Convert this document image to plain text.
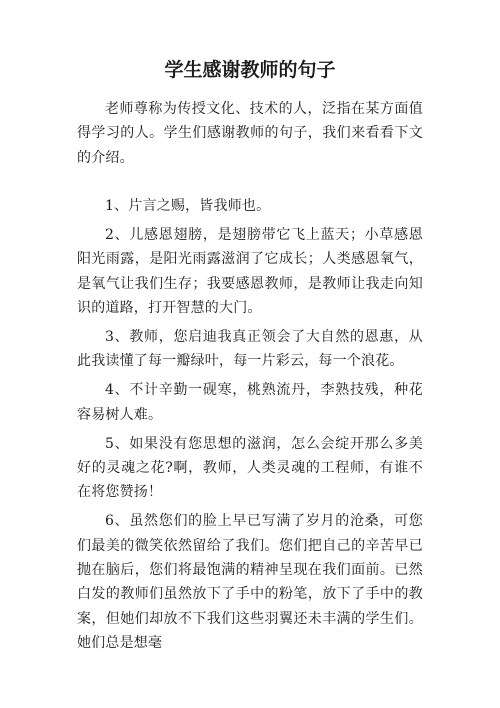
学生感谢教师的句子

老师尊称为传授文化、技术的人，泛指在某方面值得学习的人。学生们感谢教师的句子，我们来看看下文的介绍。

1、片言之赐，皆我师也。

2、儿感恩翅膀，是翅膀带它飞上蓝天；小草感恩阳光雨露，是阳光雨露滋润了它成长；人类感恩氧气，是氧气让我们生存；我要感恩教师，是教师让我走向知识的道路，打开智慧的大门。

3、教师，您启迪我真正领会了大自然的恩惠，从此我读懂了每一瓣绿叶，每一片彩云，每一个浪花。

4、不计辛勤一砚寒，桃熟流丹，李熟技残，种花容易树人难。

5、如果没有您思想的滋润，怎么会绽开那么多美好的灵魂之花?啊，教师，人类灵魂的工程师，有谁不在将您赞扬！

6、虽然您们的脸上早已写满了岁月的沧桑，可您们最美的微笑依然留给了我们。您们把自己的辛苦早已抛在脑后，您们将最饱满的精神呈现在我们面前。已然白发的教师们虽然放下了手中的粉笔，放下了手中的教案，但她们却放不下我们这些羽翼还未丰满的学生们。她们总是想毫
